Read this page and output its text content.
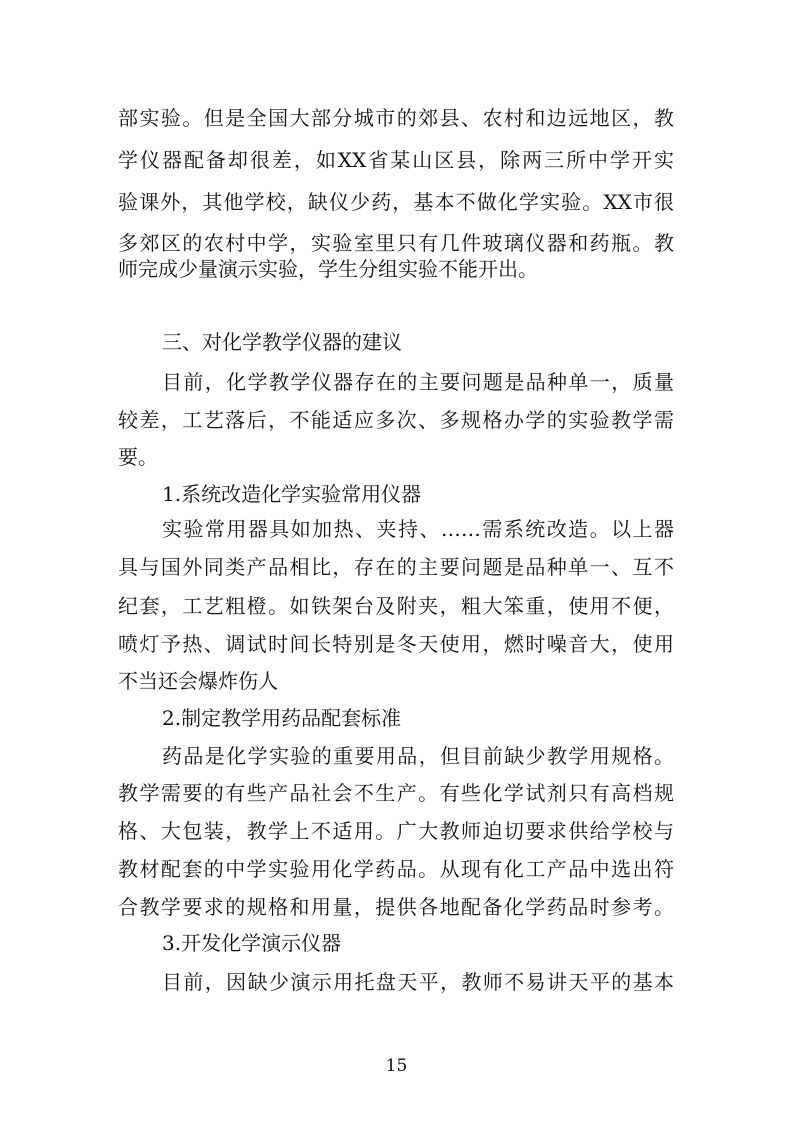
部实验。但是全国大部分城市的郊县、农村和边远地区，教
学仪器配备却很差，如XX省某山区县，除两三所中学开实
验课外，其他学校，缺仪少药，基本不做化学实验。XX市很
多郊区的农村中学，实验室里只有几件玻璃仪器和药瓶。教
师完成少量演示实验，学生分组实验不能开出。
三、对化学教学仪器的建议
目前，化学教学仪器存在的主要问题是品种单一，质量
较差，工艺落后，不能适应多次、多规格办学的实验教学需
要。
1.系统改造化学实验常用仪器
实验常用器具如加热、夹持、……需系统改造。以上器
具与国外同类产品相比，存在的主要问题是品种单一、互不
纪套，工艺粗橙。如铁架台及附夹，粗大笨重，使用不便，
喷灯予热、调试时间长特别是冬天使用，燃时噪音大，使用
不当还会爆炸伤人
2.制定教学用药品配套标准
药品是化学实验的重要用品，但目前缺少教学用规格。
教学需要的有些产品社会不生产。有些化学试剂只有高档规
格、大包装，教学上不适用。广大教师迫切要求供给学校与
教材配套的中学实验用化学药品。从现有化工产品中选出符
合教学要求的规格和用量，提供各地配备化学药品时参考。
3.开发化学演示仪器
目前，因缺少演示用托盘天平，教师不易讲天平的基本
15
